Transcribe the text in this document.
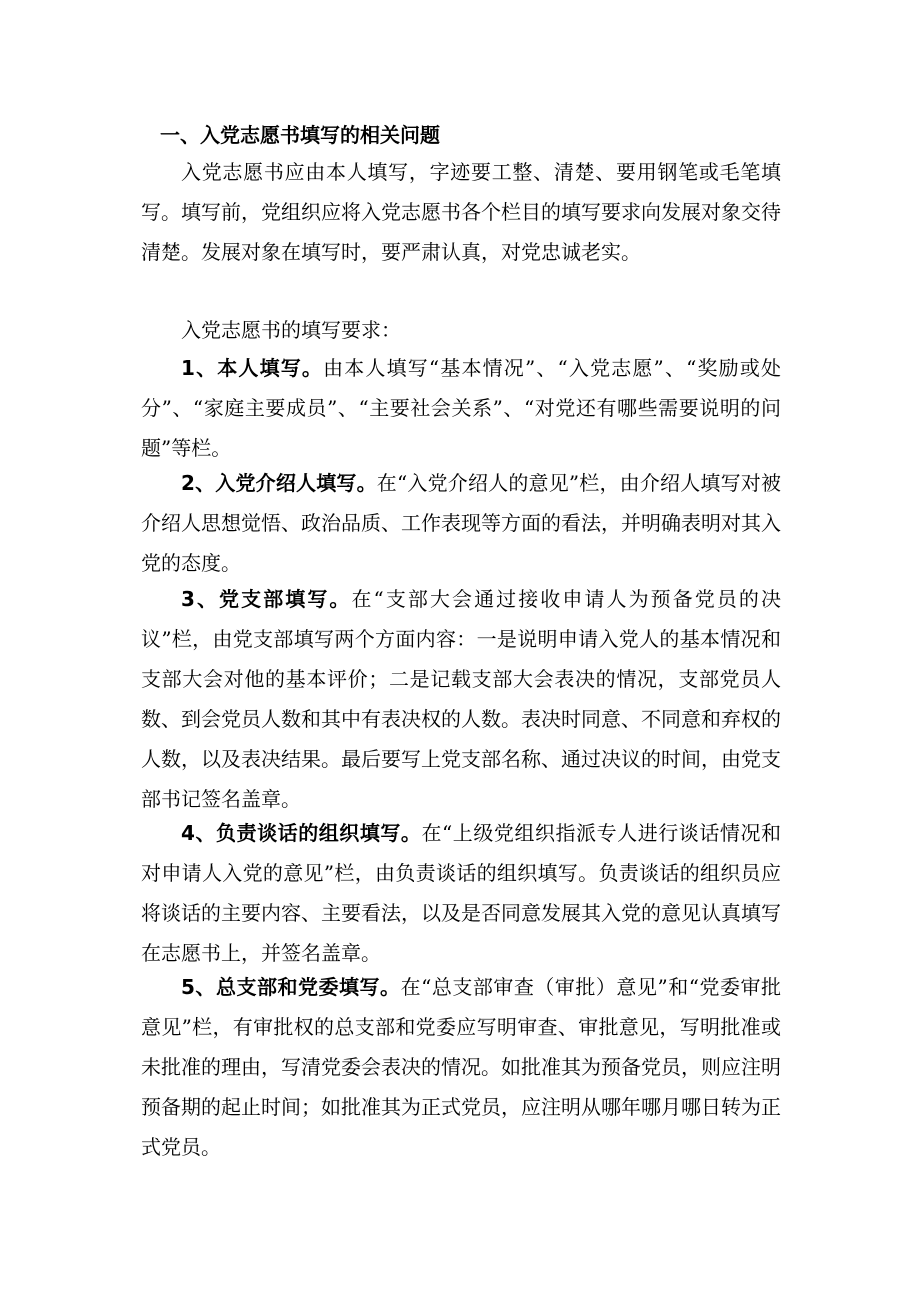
一、入党志愿书填写的相关问题

入党志愿书应由本人填写，字迹要工整、清楚、要用钢笔或毛笔填写。填写前，党组织应将入党志愿书各个栏目的填写要求向发展对象交待清楚。发展对象在填写时，要严肃认真，对党忠诚老实。

入党志愿书的填写要求：

1、本人填写。由本人填写“基本情况”、“入党志愿”、“奖励或处分”、“家庭主要成员”、“主要社会关系”、“对党还有哪些需要说明的问题”等栏。

2、入党介绍人填写。在“入党介绍人的意见”栏，由介绍人填写对被介绍人思想觉悟、政治品质、工作表现等方面的看法，并明确表明对其入党的态度。

3、党支部填写。在“支部大会通过接收申请人为预备党员的决议”栏，由党支部填写两个方面内容：一是说明申请入党人的基本情况和支部大会对他的基本评价；二是记载支部大会表决的情况，支部党员人数、到会党员人数和其中有表决权的人数。表决时同意、不同意和弃权的人数，以及表决结果。最后要写上党支部名称、通过决议的时间，由党支部书记签名盖章。

4、负责谈话的组织填写。在“上级党组织指派专人进行谈话情况和对申请人入党的意见”栏，由负责谈话的组织填写。负责谈话的组织员应将谈话的主要内容、主要看法，以及是否同意发展其入党的意见认真填写在志愿书上，并签名盖章。

5、总支部和党委填写。在“总支部审查（审批）意见”和“党委审批意见”栏，有审批权的总支部和党委应写明审查、审批意见，写明批准或未批准的理由，写清党委会表决的情况。如批准其为预备党员，则应注明预备期的起止时间；如批准其为正式党员，应注明从哪年哪月哪日转为正式党员。
